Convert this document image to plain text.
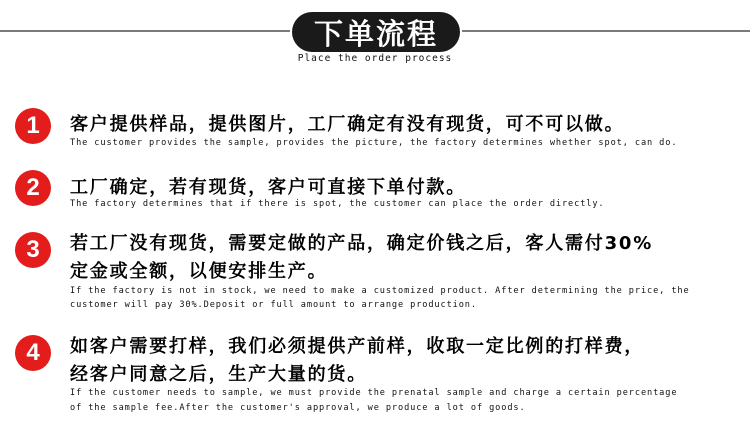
下单流程
Place the order process
1	客户提供样品，提供图片，工厂确定有没有现货，可不可以做。
The customer provides the sample, provides the picture, the factory determines whether spot, can do.
2	工厂确定，若有现货，客户可直接下单付款。
The factory determines that if there is spot, the customer can place the order directly.
3	若工厂没有现货，需要定做的产品，确定价钱之后，客人需付30%
定金或全额，以便安排生产。
If the factory is not in stock, we need to make a customized product. After determining the price, the
customer will pay 30%.Deposit or full amount to arrange production.
4	如客户需要打样，我们必须提供产前样，收取一定比例的打样费，
经客户同意之后，生产大量的货。
If the customer needs to sample, we must provide the prenatal sample and charge a certain percentage
of the sample fee.After the customer's approval, we produce a lot of goods.
